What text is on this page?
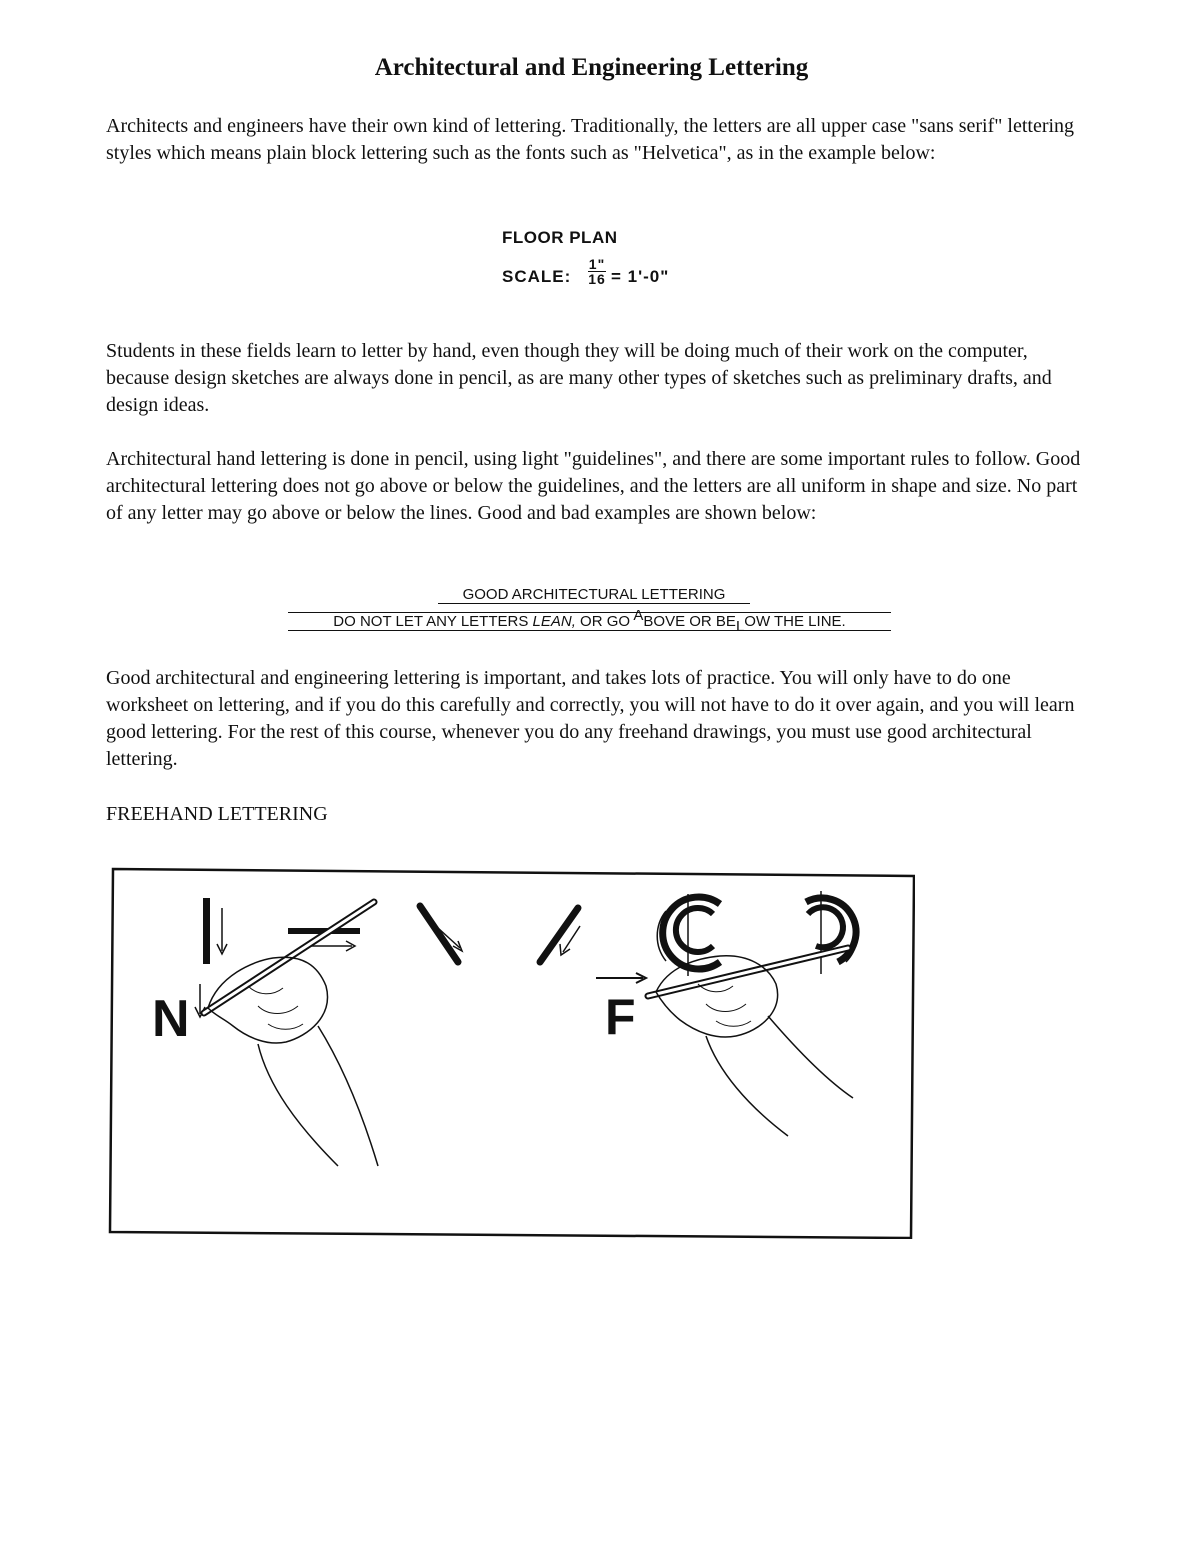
Architectural and Engineering Lettering

Architects and engineers have their own kind of lettering. Traditionally, the letters are all upper case "sans serif" lettering styles which means plain block lettering such as the fonts such as "Helvetica", as in the example below:

FLOOR PLAN
SCALE: $\frac{1"}{16} = 1'-0$"

Students in these fields learn to letter by hand, even though they will be doing much of their work on the computer, because design sketches are always done in pencil, as are many other types of sketches such as preliminary drafts, and design ideas.

Architectural hand lettering is done in pencil, using light "guidelines", and there are some important rules to follow. Good architectural lettering does not go above or below the guidelines, and the letters are all uniform in shape and size. No part of any letter may go above or below the lines. Good and bad examples are shown below:

GOOD ARCHITECTURAL LETTERING
DO NOT LET ANY LETTERS LEAN, OR GO ABOVE OR BELOW THE LINE.

Good architectural and engineering lettering is important, and takes lots of practice. You will only have to do one worksheet on lettering, and if you do this carefully and correctly, you will not have to do it over again, and you will learn good lettering. For the rest of this course, whenever you do any freehand drawings, you must use good architectural lettering.

FREEHAND LETTERING

N	F
